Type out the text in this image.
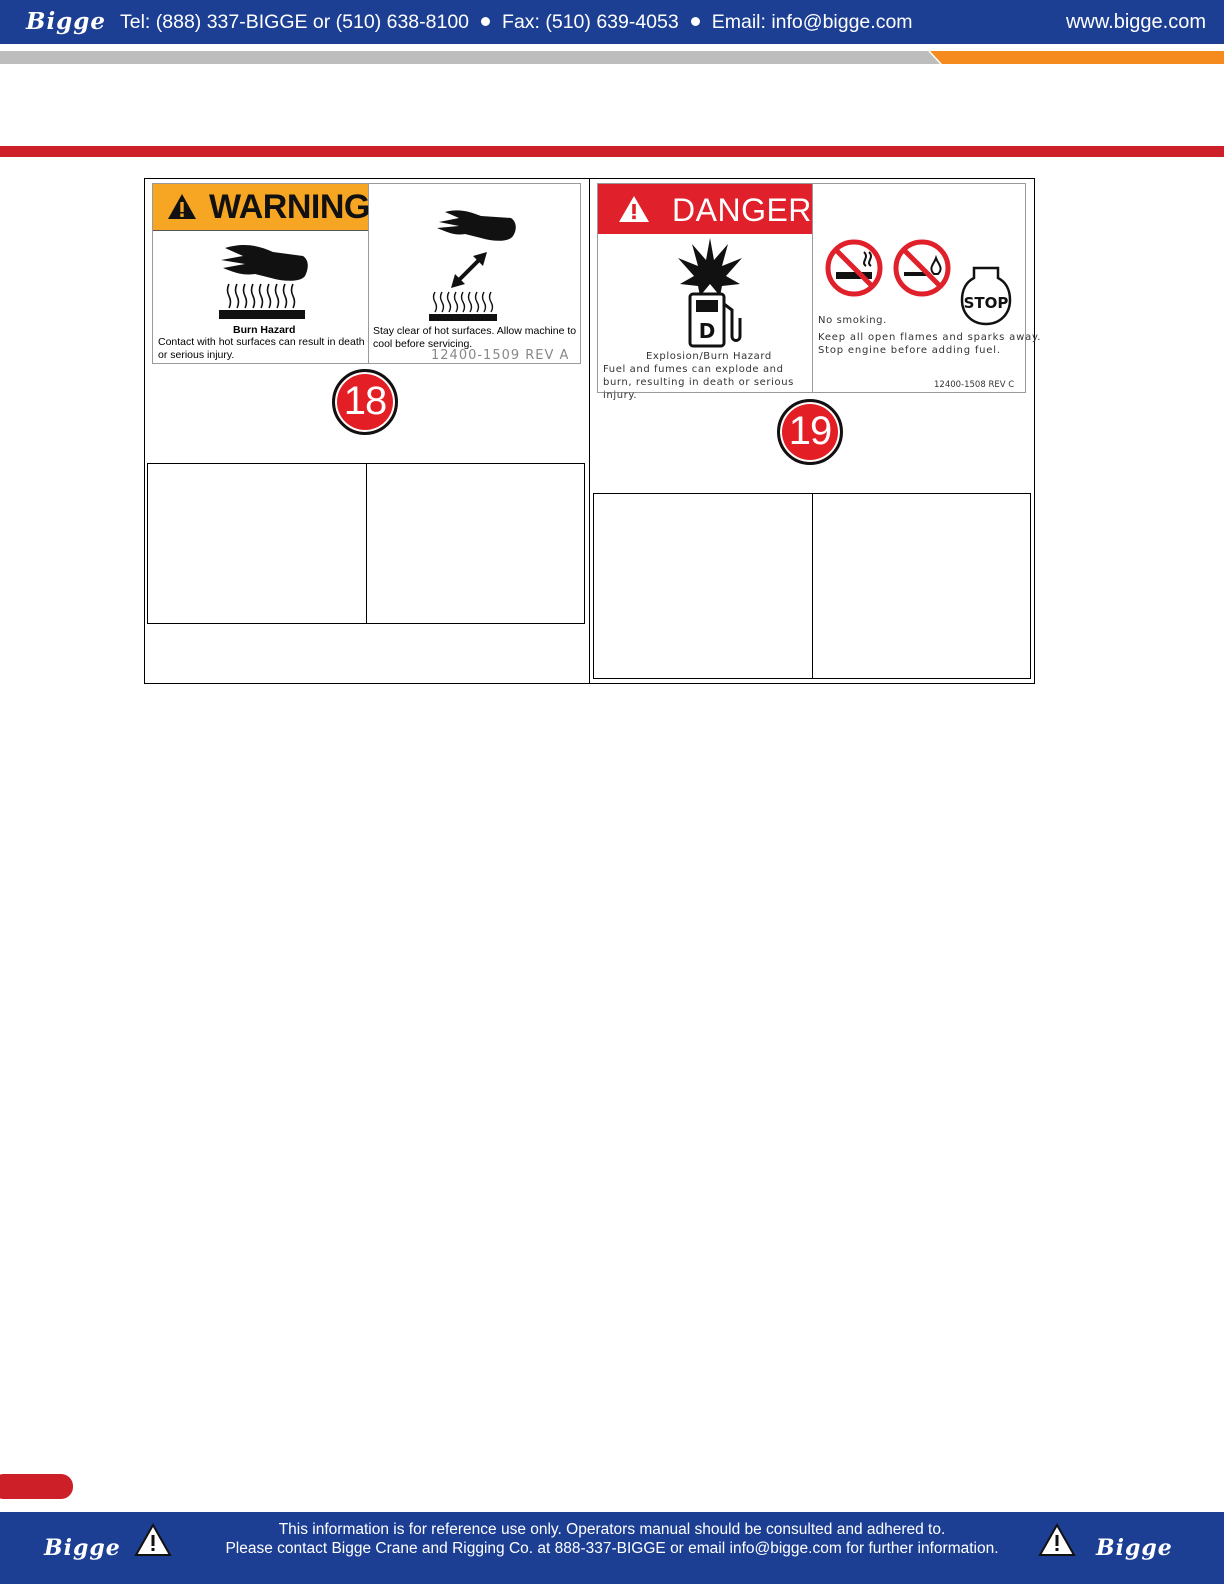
Bigge Tel: (888) 337-BIGGE or (510) 638-8100 Fax: (510) 639-4053 Email: info@bigge.com	www.bigge.com
WARNING
Burn Hazard
Contact with hot surfaces can result in death or serious injury.
Stay clear of hot surfaces. Allow machine to cool before servicing.
12400-1509 REV A
18
DANGER
D
Explosion/Burn Hazard
Fuel and fumes can explode and burn, resulting in death or serious injury.
STOP
No smoking.
Keep all open flames and sparks away.
Stop engine before adding fuel.
12400-1508 REV C
19
Bigge
This information is for reference use only. Operators manual should be consulted and adhered to.
Please contact Bigge Crane and Rigging Co. at 888-337-BIGGE or email info@bigge.com for further information.	Bigge
